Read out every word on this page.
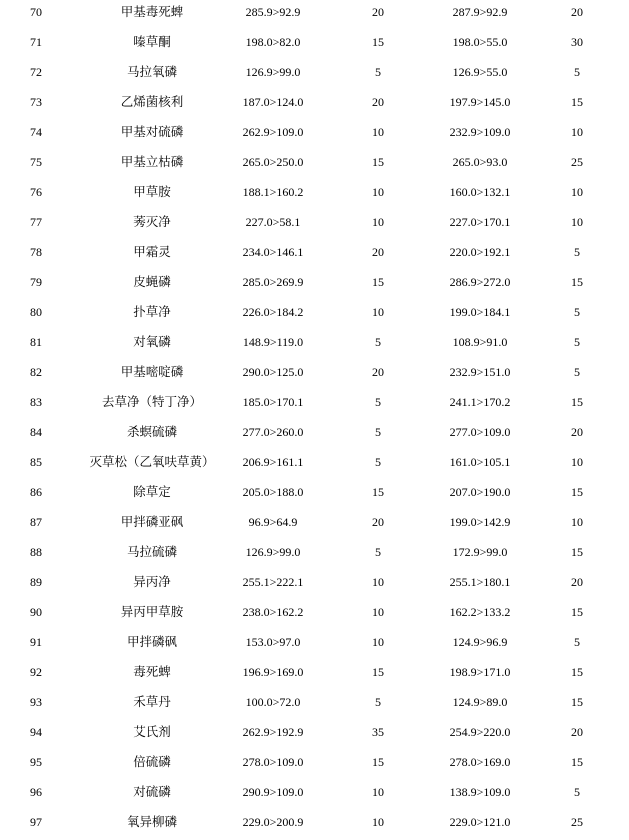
70	甲基毒死蜱	285.9>92.9	20	287.9>92.9	20
71	嗪草酮	198.0>82.0	15	198.0>55.0	30
72	马拉氧磷	126.9>99.0	5	126.9>55.0	5
73	乙烯菌核利	187.0>124.0	20	197.9>145.0	15
74	甲基对硫磷	262.9>109.0	10	232.9>109.0	10
75	甲基立枯磷	265.0>250.0	15	265.0>93.0	25
76	甲草胺	188.1>160.2	10	160.0>132.1	10
77	莠灭净	227.0>58.1	10	227.0>170.1	10
78	甲霜灵	234.0>146.1	20	220.0>192.1	5
79	皮蝇磷	285.0>269.9	15	286.9>272.0	15
80	扑草净	226.0>184.2	10	199.0>184.1	5
81	对氧磷	148.9>119.0	5	108.9>91.0	5
82	甲基嘧啶磷	290.0>125.0	20	232.9>151.0	5
83	去草净（特丁净）	185.0>170.1	5	241.1>170.2	15
84	杀螟硫磷	277.0>260.0	5	277.0>109.0	20
85	灭草松（乙氧呋草黄）	206.9>161.1	5	161.0>105.1	10
86	除草定	205.0>188.0	15	207.0>190.0	15
87	甲拌磷亚砜	96.9>64.9	20	199.0>142.9	10
88	马拉硫磷	126.9>99.0	5	172.9>99.0	15
89	异丙净	255.1>222.1	10	255.1>180.1	20
90	异丙甲草胺	238.0>162.2	10	162.2>133.2	15
91	甲拌磷砜	153.0>97.0	10	124.9>96.9	5
92	毒死蜱	196.9>169.0	15	198.9>171.0	15
93	禾草丹	100.0>72.0	5	124.9>89.0	15
94	艾氏剂	262.9>192.9	35	254.9>220.0	20
95	倍硫磷	278.0>109.0	15	278.0>169.0	15
96	对硫磷	290.9>109.0	10	138.9>109.0	5
97	氧异柳磷	229.0>200.9	10	229.0>121.0	25
